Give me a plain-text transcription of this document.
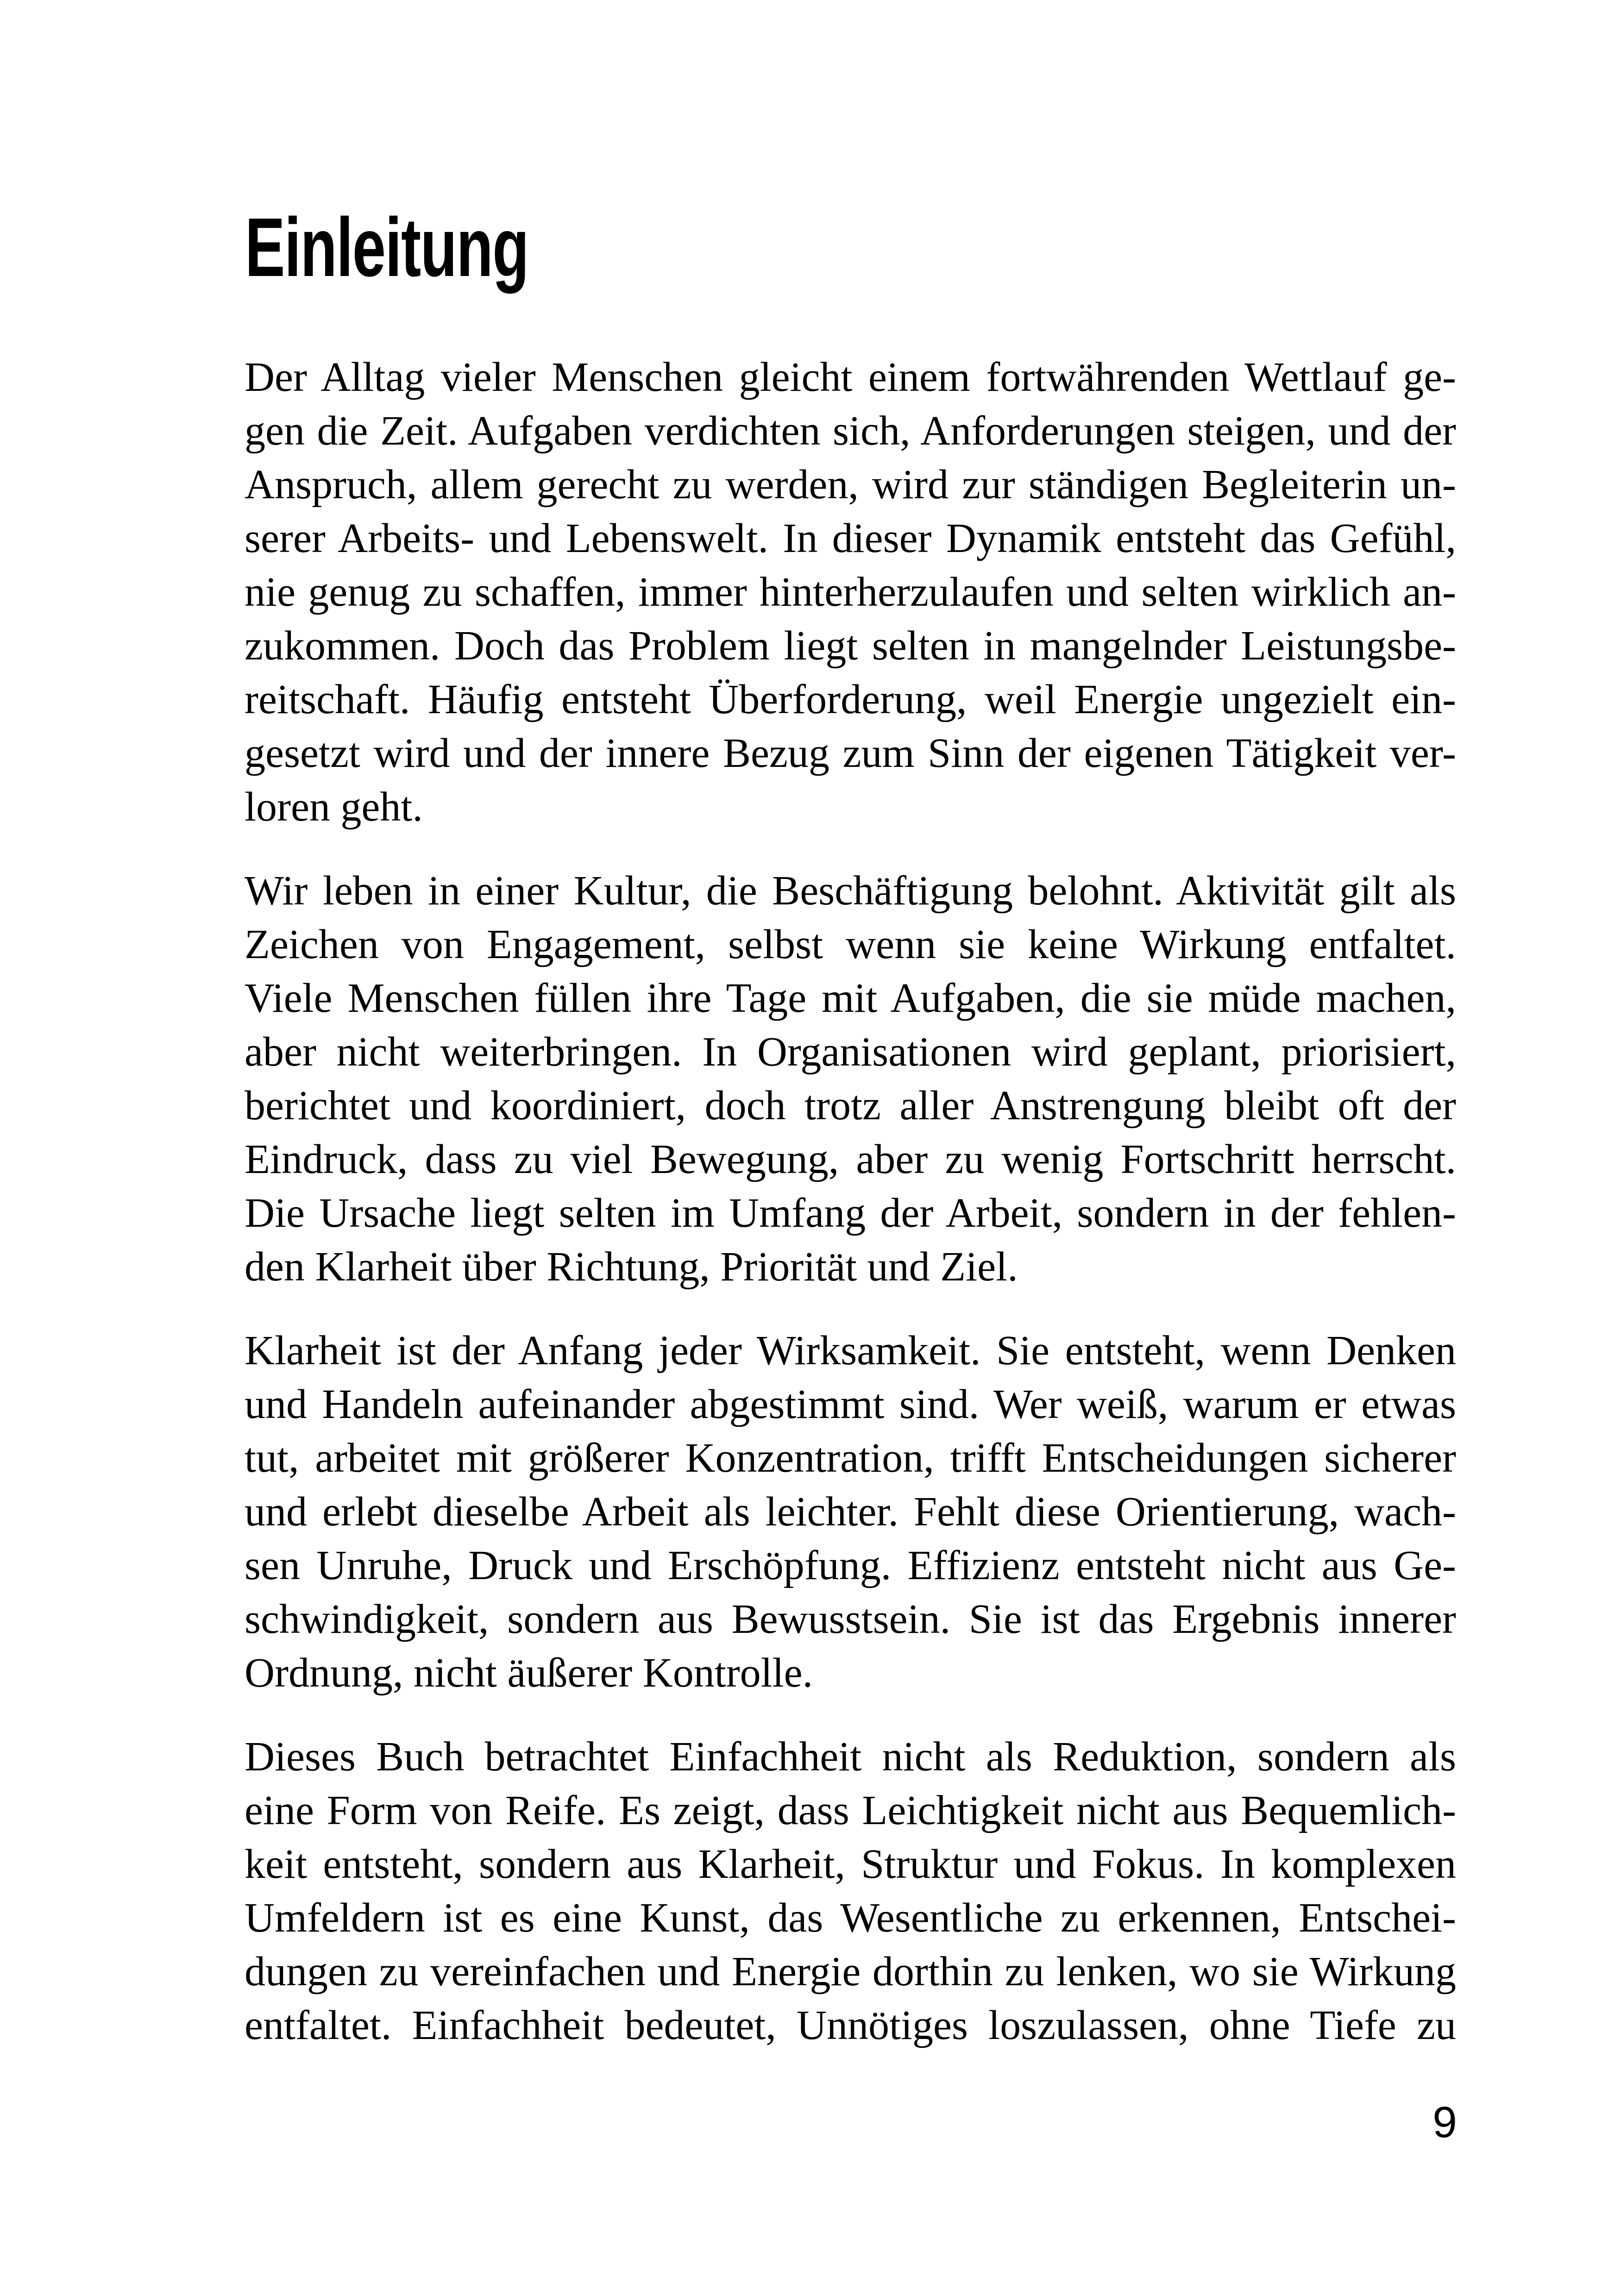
Einleitung

Der Alltag vieler Menschen gleicht einem fortwährenden Wettlauf ge-
gen die Zeit. Aufgaben verdichten sich, Anforderungen steigen, und der
Anspruch, allem gerecht zu werden, wird zur ständigen Begleiterin un-
serer Arbeits- und Lebenswelt. In dieser Dynamik entsteht das Gefühl,
nie genug zu schaffen, immer hinterherzulaufen und selten wirklich an-
zukommen. Doch das Problem liegt selten in mangelnder Leistungsbe-
reitschaft. Häufig entsteht Überforderung, weil Energie ungezielt ein-
gesetzt wird und der innere Bezug zum Sinn der eigenen Tätigkeit ver-
loren geht.

Wir leben in einer Kultur, die Beschäftigung belohnt. Aktivität gilt als
Zeichen von Engagement, selbst wenn sie keine Wirkung entfaltet.
Viele Menschen füllen ihre Tage mit Aufgaben, die sie müde machen,
aber nicht weiterbringen. In Organisationen wird geplant, priorisiert,
berichtet und koordiniert, doch trotz aller Anstrengung bleibt oft der
Eindruck, dass zu viel Bewegung, aber zu wenig Fortschritt herrscht.
Die Ursache liegt selten im Umfang der Arbeit, sondern in der fehlen-
den Klarheit über Richtung, Priorität und Ziel.

Klarheit ist der Anfang jeder Wirksamkeit. Sie entsteht, wenn Denken
und Handeln aufeinander abgestimmt sind. Wer weiß, warum er etwas
tut, arbeitet mit größerer Konzentration, trifft Entscheidungen sicherer
und erlebt dieselbe Arbeit als leichter. Fehlt diese Orientierung, wach-
sen Unruhe, Druck und Erschöpfung. Effizienz entsteht nicht aus Ge-
schwindigkeit, sondern aus Bewusstsein. Sie ist das Ergebnis innerer
Ordnung, nicht äußerer Kontrolle.

Dieses Buch betrachtet Einfachheit nicht als Reduktion, sondern als
eine Form von Reife. Es zeigt, dass Leichtigkeit nicht aus Bequemlich-
keit entsteht, sondern aus Klarheit, Struktur und Fokus. In komplexen
Umfeldern ist es eine Kunst, das Wesentliche zu erkennen, Entschei-
dungen zu vereinfachen und Energie dorthin zu lenken, wo sie Wirkung
entfaltet. Einfachheit bedeutet, Unnötiges loszulassen, ohne Tiefe zu

9
